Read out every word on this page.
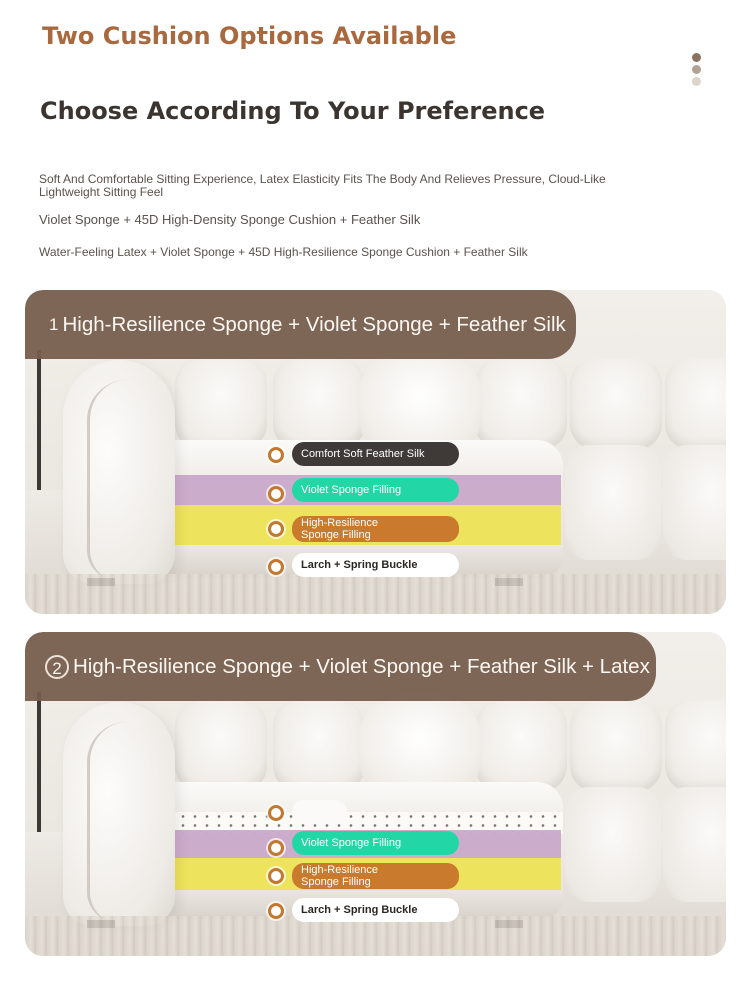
Two Cushion Options Available
Choose According To Your Preference

Soft And Comfortable Sitting Experience, Latex Elasticity Fits The Body And Relieves Pressure, Cloud-Like Lightweight Sitting Feel

Violet Sponge + 45D High-Density Sponge Cushion + Feather Silk

Water-Feeling Latex + Violet Sponge + 45D High-Resilience Sponge Cushion + Feather Silk

Comfort Soft Feather Silk
Violet Sponge Filling
High-Resilience
Sponge Filling
Larch + Spring Buckle
1 High-Resilience Sponge + Violet Sponge + Feather Silk
Violet Sponge Filling
High-Resilience
Sponge Filling
Larch + Spring Buckle
2 High-Resilience Sponge + Violet Sponge + Feather Silk + Latex
